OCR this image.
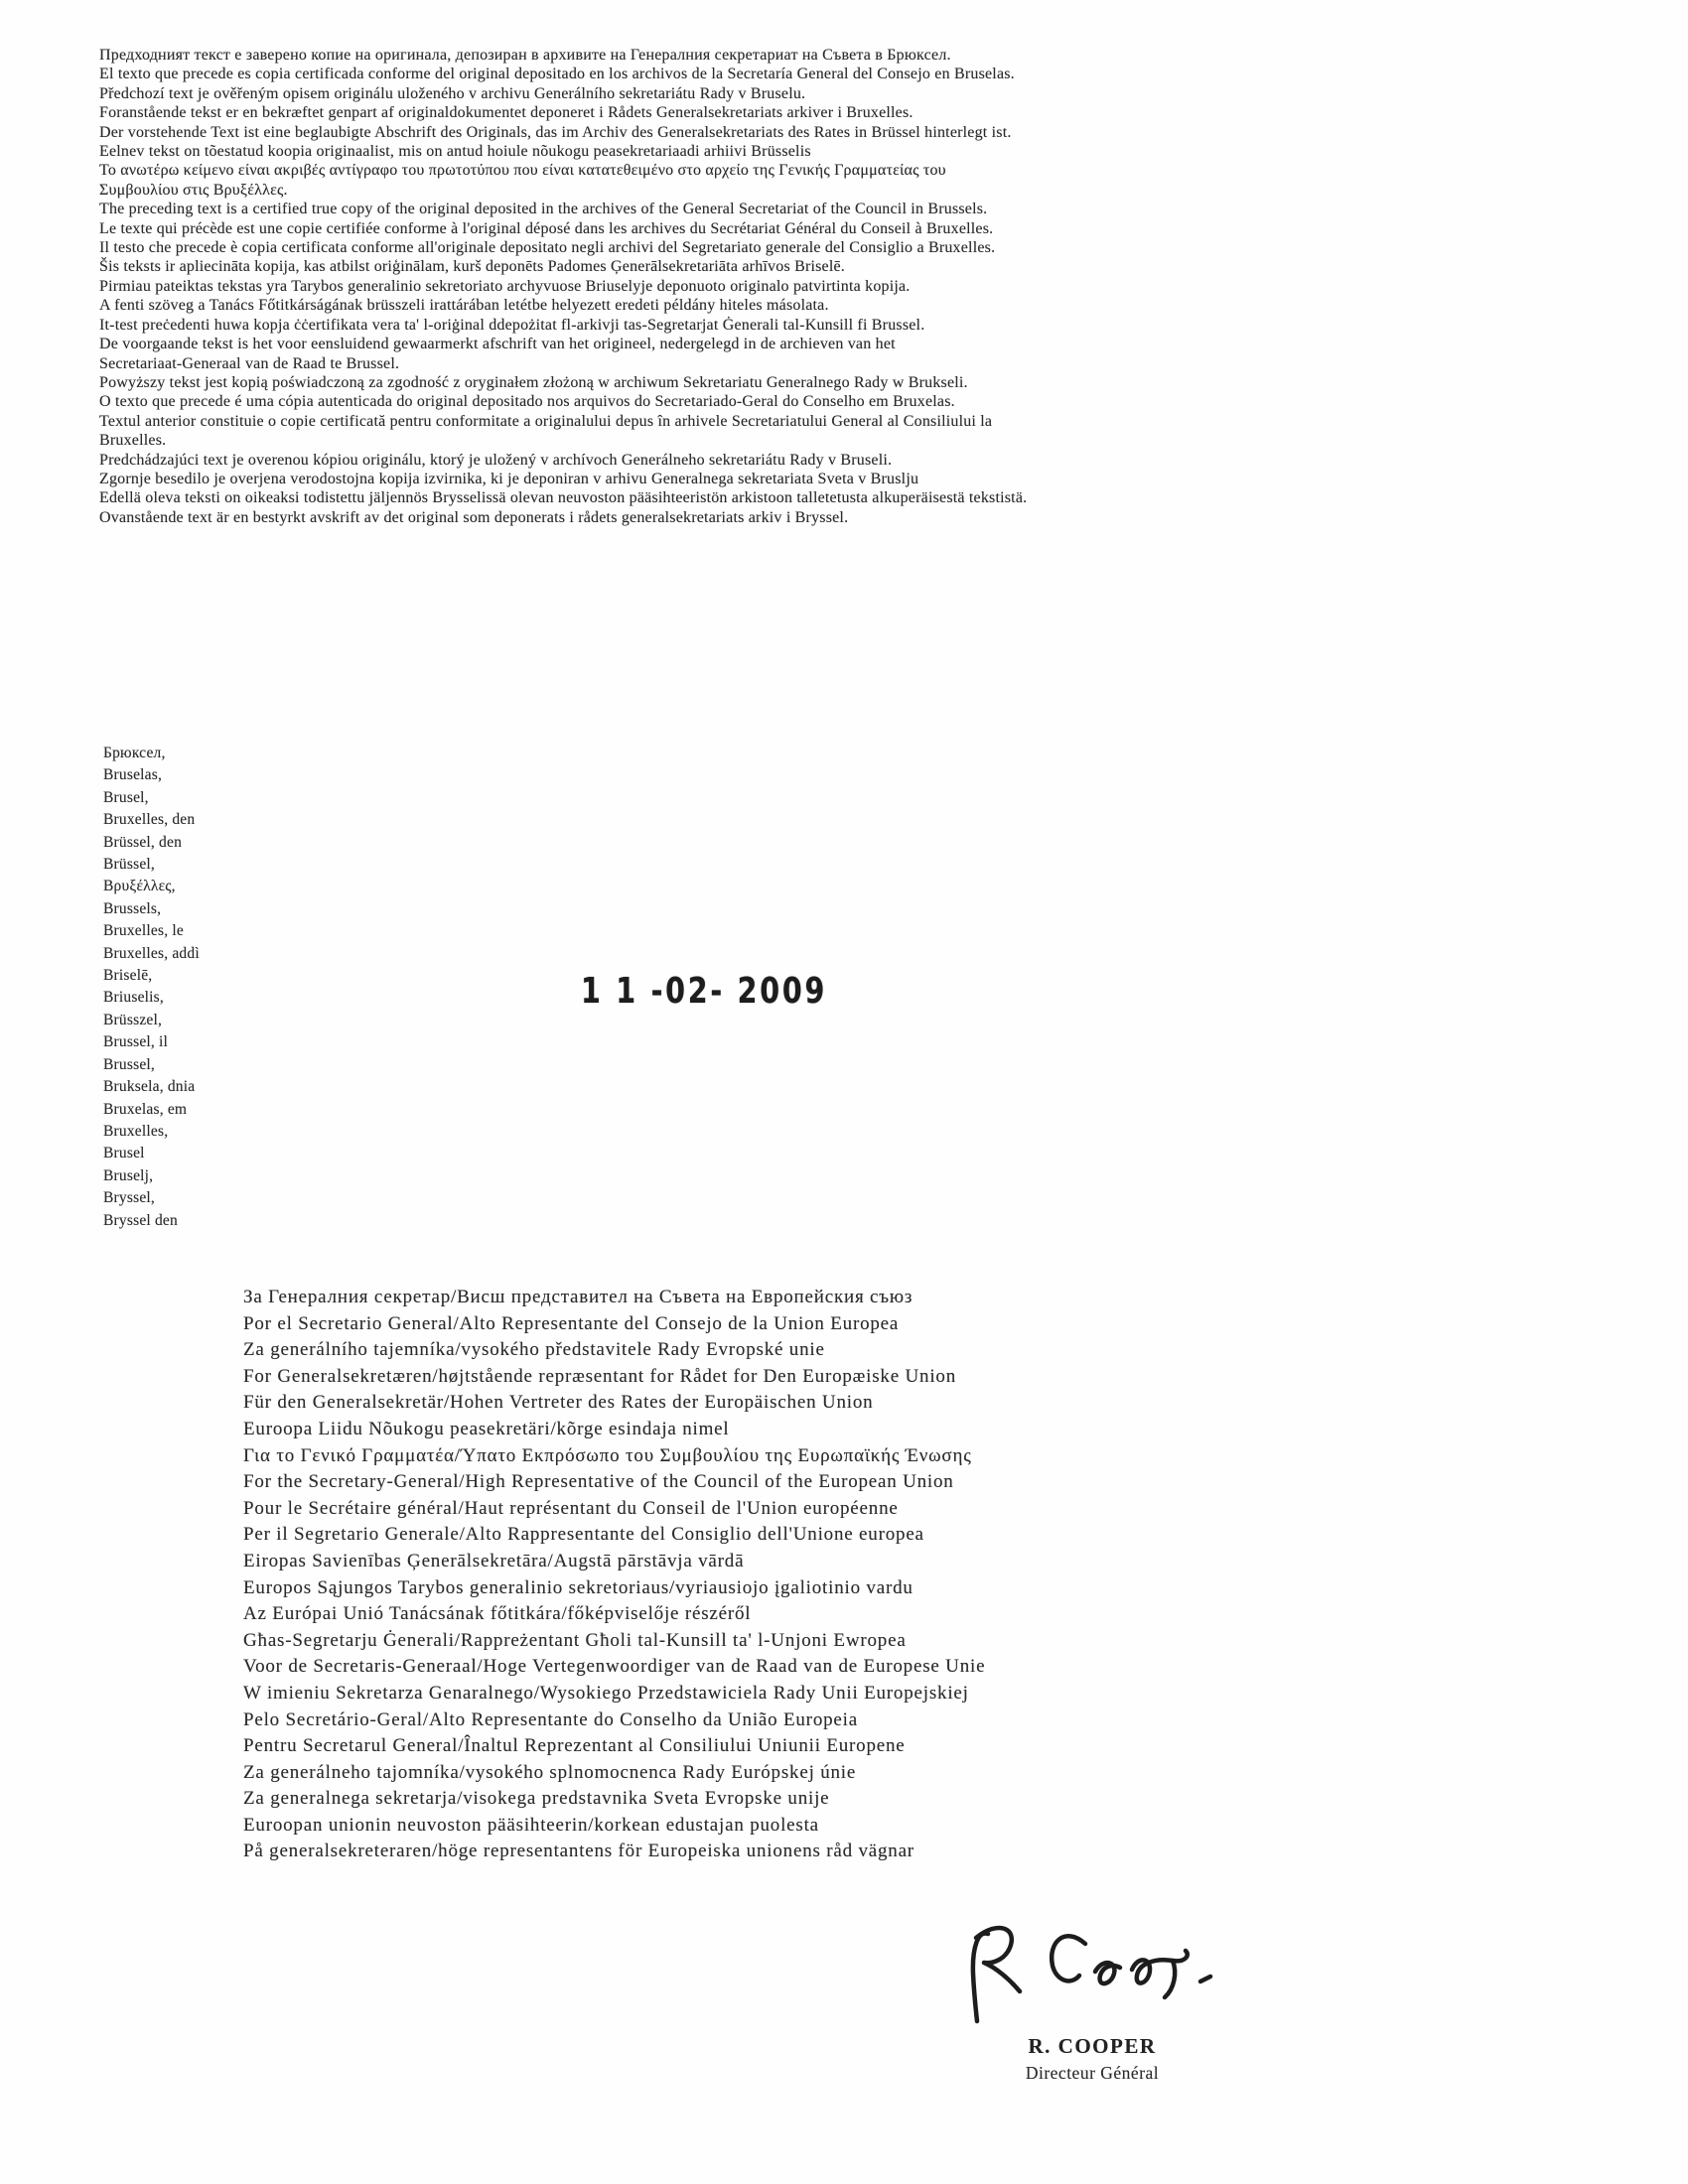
Предходният текст е заверено копие на оригинала, депозиран в архивите на Генералния секретариат на Съвета в Брюксел.
El texto que precede es copia certificada conforme del original depositado en los archivos de la Secretaría General del Consejo en Bruselas.
Předchozí text je ověřeným opisem originálu uloženého v archivu Generálního sekretariátu Rady v Bruselu.
Foranstående tekst er en bekræftet genpart af originaldokumentet deponeret i Rådets Generalsekretariats arkiver i Bruxelles.
Der vorstehende Text ist eine beglaubigte Abschrift des Originals, das im Archiv des Generalsekretariats des Rates in Brüssel hinterlegt ist.
Eelnev tekst on tõestatud koopia originaalist, mis on antud hoiule nõukogu peasekretariaadi arhiivi Brüsselis
Το ανωτέρω κείμενο είναι ακριβές αντίγραφο του πρωτοτύπου που είναι κατατεθειμένο στο αρχείο της Γενικής Γραμματείας του
Συμβουλίου στις Βρυξέλλες.
The preceding text is a certified true copy of the original deposited in the archives of the General Secretariat of the Council in Brussels.
Le texte qui précède est une copie certifiée conforme à l'original déposé dans les archives du Secrétariat Général du Conseil à Bruxelles.
Il testo che precede è copia certificata conforme all'originale depositato negli archivi del Segretariato generale del Consiglio a Bruxelles.
Šis teksts ir apliecināta kopija, kas atbilst oriģinālam, kurš deponēts Padomes Ģenerālsekretariāta arhīvos Briselē.
Pirmiau pateiktas tekstas yra Tarybos generalinio sekretoriato archyvuose Briuselyje deponuoto originalo patvirtinta kopija.
A fenti szöveg a Tanács Főtitkárságának brüsszeli irattárában letétbe helyezett eredeti példány hiteles másolata.
It-test preċedenti huwa kopja ċċertifikata vera ta' l-oriġinal ddepożitat fl-arkivji tas-Segretarjat Ġenerali tal-Kunsill fi Brussel.
De voorgaande tekst is het voor eensluidend gewaarmerkt afschrift van het origineel, nedergelegd in de archieven van het
Secretariaat-Generaal van de Raad te Brussel.
Powyższy tekst jest kopią poświadczoną za zgodność z oryginałem złożoną w archiwum Sekretariatu Generalnego Rady w Brukseli.
O texto que precede é uma cópia autenticada do original depositado nos arquivos do Secretariado-Geral do Conselho em Bruxelas.
Textul anterior constituie o copie certificată pentru conformitate a originalului depus în arhivele Secretariatului General al Consiliului la
Bruxelles.
Predchádzajúci text je overenou kópiou originálu, ktorý je uložený v archívoch Generálneho sekretariátu Rady v Bruseli.
Zgornje besedilo je overjena verodostojna kopija izvirnika, ki je deponiran v arhivu Generalnega sekretariata Sveta v Bruslju
Edellä oleva teksti on oikeaksi todistettu jäljennös Brysselissä olevan neuvoston pääsihteeristön arkistoon talletetusta alkuperäisestä tekstistä.
Ovanstående text är en bestyrkt avskrift av det original som deponerats i rådets generalsekretariats arkiv i Bryssel.
Брюксел,
Bruselas,
Brusel,
Bruxelles, den
Brüssel, den
Brüssel,
Βρυξέλλες,
Brussels,
Bruxelles, le
Bruxelles, addì
Briselē,
Briuselis,
Brüsszel,
Brussel, il
Brussel,
Bruksela, dnia
Bruxelas, em
Bruxelles,
Brusel
Bruselj,
Bryssel,
Bryssel den
1 1 -02- 2009
За Генералния секретар/Висш представител на Съвета на Европейския съюз
Por el Secretario General/Alto Representante del Consejo de la Union Europea
Za generálního tajemníka/vysokého představitele Rady Evropské unie
For Generalsekretæren/højtstående repræsentant for Rådet for Den Europæiske Union
Für den Generalsekretär/Hohen Vertreter des Rates der Europäischen Union
Euroopa Liidu Nõukogu peasekretäri/kõrge esindaja nimel
Για το Γενικό Γραμματέα/Ύπατο Εκπρόσωπο του Συμβουλίου της Ευρωπαϊκής Ένωσης
For the Secretary-General/High Representative of the Council of the European Union
Pour le Secrétaire général/Haut représentant du Conseil de l'Union européenne
Per il Segretario Generale/Alto Rappresentante del Consiglio dell'Unione europea
Eiropas Savienības Ģenerālsekretāra/Augstā pārstāvja vārdā
Europos Sąjungos Tarybos generalinio sekretoriaus/vyriausiojo įgaliotinio vardu
Az Európai Unió Tanácsának főtitkára/főképviselője részéről
Għas-Segretarju Ġenerali/Rappreżentant Għoli tal-Kunsill ta' l-Unjoni Ewropea
Voor de Secretaris-Generaal/Hoge Vertegenwoordiger van de Raad van de Europese Unie
W imieniu Sekretarza Genaralnego/Wysokiego Przedstawiciela Rady Unii Europejskiej
Pelo Secretário-Geral/Alto Representante do Conselho da União Europeia
Pentru Secretarul General/Înaltul Reprezentant al Consiliului Uniunii Europene
Za generálneho tajomníka/vysokého splnomocnenca Rady Európskej únie
Za generalnega sekretarja/visokega predstavnika Sveta Evropske unije
Euroopan unionin neuvoston pääsihteerin/korkean edustajan puolesta
På generalsekreteraren/höge representantens för Europeiska unionens råd vägnar
R. COOPER
Directeur Général
